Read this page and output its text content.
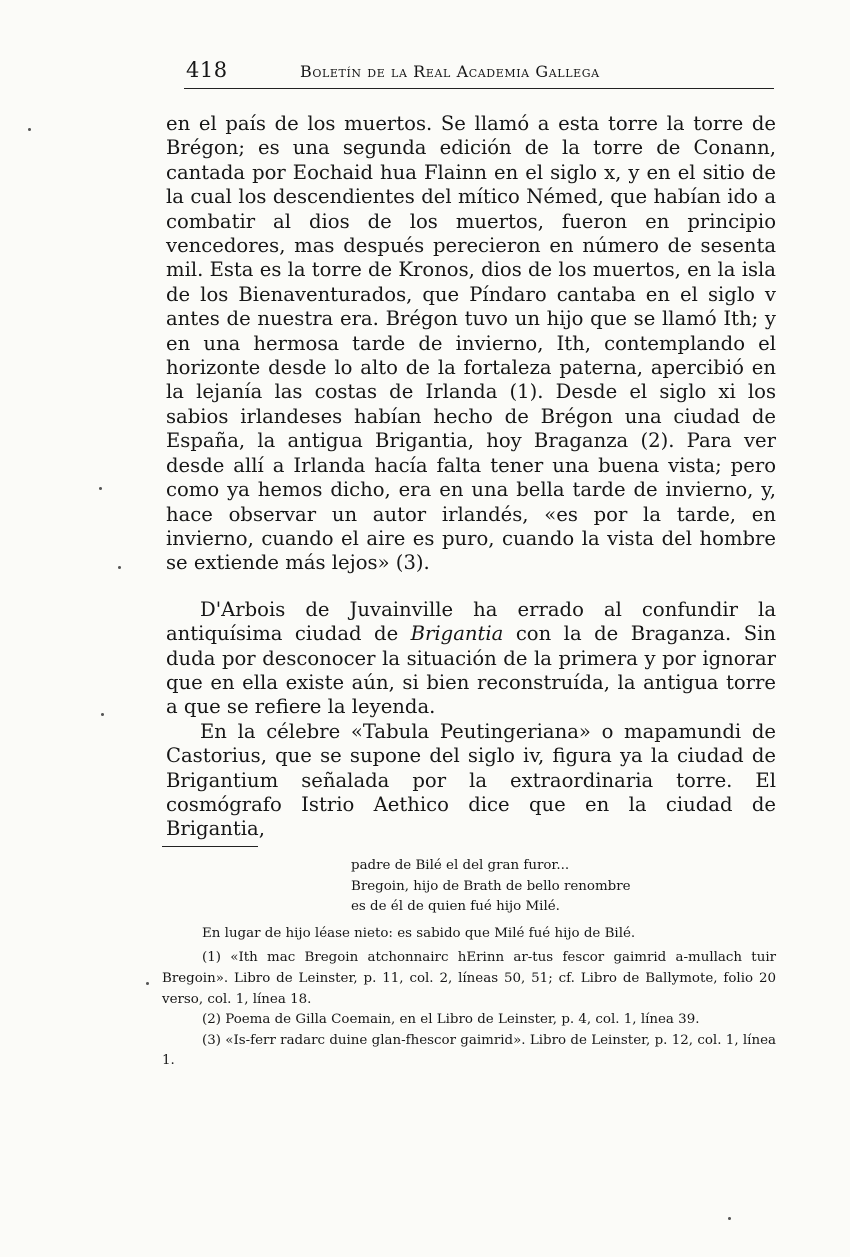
418	Boletín de la Real Academia Gallega

en el país de los muertos. Se llamó a esta torre la torre de Brégon; es una segunda edición de la torre de Conann, cantada por Eochaid hua Flainn en el siglo x, y en el sitio de la cual los descendientes del mítico Némed, que habían ido a combatir al dios de los muertos, fueron en principio vencedores, mas después perecieron en número de sesenta mil. Esta es la torre de Kronos, dios de los muertos, en la isla de los Bienaventurados, que Píndaro cantaba en el siglo v antes de nuestra era. Brégon tuvo un hijo que se llamó Ith; y en una hermosa tarde de invierno, Ith, contemplando el horizonte desde lo alto de la fortaleza paterna, apercibió en la lejanía las costas de Irlanda (1). Desde el siglo xi los sabios irlandeses habían hecho de Brégon una ciudad de España, la antigua Brigantia, hoy Braganza (2). Para ver desde allí a Irlanda hacía falta tener una buena vista; pero como ya hemos dicho, era en una bella tarde de invierno, y, hace observar un autor irlandés, «es por la tarde, en invierno, cuando el aire es puro, cuando la vista del hombre se extiende más lejos» (3).

D'Arbois de Juvainville ha errado al confundir la antiquísima ciudad de Brigantia con la de Braganza. Sin duda por desconocer la situación de la primera y por ignorar que en ella existe aún, si bien reconstruída, la antigua torre a que se refiere la leyenda.

En la célebre «Tabula Peutingeriana» o mapamundi de Castorius, que se supone del siglo iv, figura ya la ciudad de Brigantium señalada por la extraordinaria torre. El cosmógrafo Istrio Aethico dice que en la ciudad de Brigantia,

padre de Bilé el del gran furor...
Bregoin, hijo de Brath de bello renombre
es de él de quien fué hijo Milé.

En lugar de hijo léase nieto: es sabido que Milé fué hijo de Bilé.

(1) «Ith mac Bregoin atchonnairc hErinn ar-tus fescor gaimrid a-mullach tuir Bregoin». Libro de Leinster, p. 11, col. 2, líneas 50, 51; cf. Libro de Ballymote, folio 20 verso, col. 1, línea 18.

(2) Poema de Gilla Coemain, en el Libro de Leinster, p. 4, col. 1, línea 39.

(3) «Is-ferr radarc duine glan-fhescor gaimrid». Libro de Leinster, p. 12, col. 1, línea 1.
